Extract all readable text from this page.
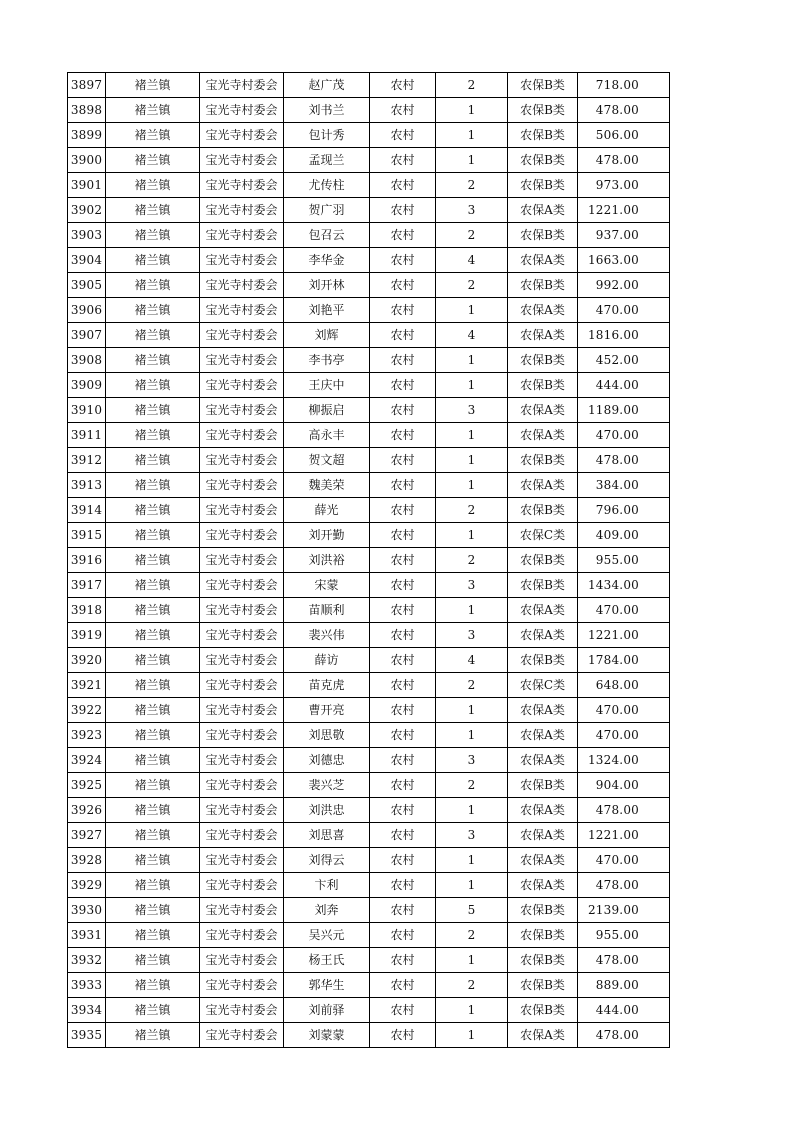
3897	褚兰镇	宝光寺村委会	赵广茂	农村	2	农保B类	718.00
3898	褚兰镇	宝光寺村委会	刘书兰	农村	1	农保B类	478.00
3899	褚兰镇	宝光寺村委会	包计秀	农村	1	农保B类	506.00
3900	褚兰镇	宝光寺村委会	孟现兰	农村	1	农保B类	478.00
3901	褚兰镇	宝光寺村委会	尤传柱	农村	2	农保B类	973.00
3902	褚兰镇	宝光寺村委会	贺广羽	农村	3	农保A类	1221.00
3903	褚兰镇	宝光寺村委会	包召云	农村	2	农保B类	937.00
3904	褚兰镇	宝光寺村委会	李华金	农村	4	农保A类	1663.00
3905	褚兰镇	宝光寺村委会	刘开林	农村	2	农保B类	992.00
3906	褚兰镇	宝光寺村委会	刘艳平	农村	1	农保A类	470.00
3907	褚兰镇	宝光寺村委会	刘辉	农村	4	农保A类	1816.00
3908	褚兰镇	宝光寺村委会	李书亭	农村	1	农保B类	452.00
3909	褚兰镇	宝光寺村委会	王庆中	农村	1	农保B类	444.00
3910	褚兰镇	宝光寺村委会	柳振启	农村	3	农保A类	1189.00
3911	褚兰镇	宝光寺村委会	高永丰	农村	1	农保A类	470.00
3912	褚兰镇	宝光寺村委会	贺文超	农村	1	农保B类	478.00
3913	褚兰镇	宝光寺村委会	魏美荣	农村	1	农保A类	384.00
3914	褚兰镇	宝光寺村委会	薛光	农村	2	农保B类	796.00
3915	褚兰镇	宝光寺村委会	刘开勤	农村	1	农保C类	409.00
3916	褚兰镇	宝光寺村委会	刘洪裕	农村	2	农保B类	955.00
3917	褚兰镇	宝光寺村委会	宋蒙	农村	3	农保B类	1434.00
3918	褚兰镇	宝光寺村委会	苗顺利	农村	1	农保A类	470.00
3919	褚兰镇	宝光寺村委会	裴兴伟	农村	3	农保A类	1221.00
3920	褚兰镇	宝光寺村委会	薛访	农村	4	农保B类	1784.00
3921	褚兰镇	宝光寺村委会	苗克虎	农村	2	农保C类	648.00
3922	褚兰镇	宝光寺村委会	曹开亮	农村	1	农保A类	470.00
3923	褚兰镇	宝光寺村委会	刘思敬	农村	1	农保A类	470.00
3924	褚兰镇	宝光寺村委会	刘德忠	农村	3	农保A类	1324.00
3925	褚兰镇	宝光寺村委会	裴兴芝	农村	2	农保B类	904.00
3926	褚兰镇	宝光寺村委会	刘洪忠	农村	1	农保A类	478.00
3927	褚兰镇	宝光寺村委会	刘思喜	农村	3	农保A类	1221.00
3928	褚兰镇	宝光寺村委会	刘得云	农村	1	农保A类	470.00
3929	褚兰镇	宝光寺村委会	卞利	农村	1	农保A类	478.00
3930	褚兰镇	宝光寺村委会	刘奔	农村	5	农保B类	2139.00
3931	褚兰镇	宝光寺村委会	吴兴元	农村	2	农保B类	955.00
3932	褚兰镇	宝光寺村委会	杨王氏	农村	1	农保B类	478.00
3933	褚兰镇	宝光寺村委会	郭华生	农村	2	农保B类	889.00
3934	褚兰镇	宝光寺村委会	刘前驿	农村	1	农保B类	444.00
3935	褚兰镇	宝光寺村委会	刘蒙蒙	农村	1	农保A类	478.00
